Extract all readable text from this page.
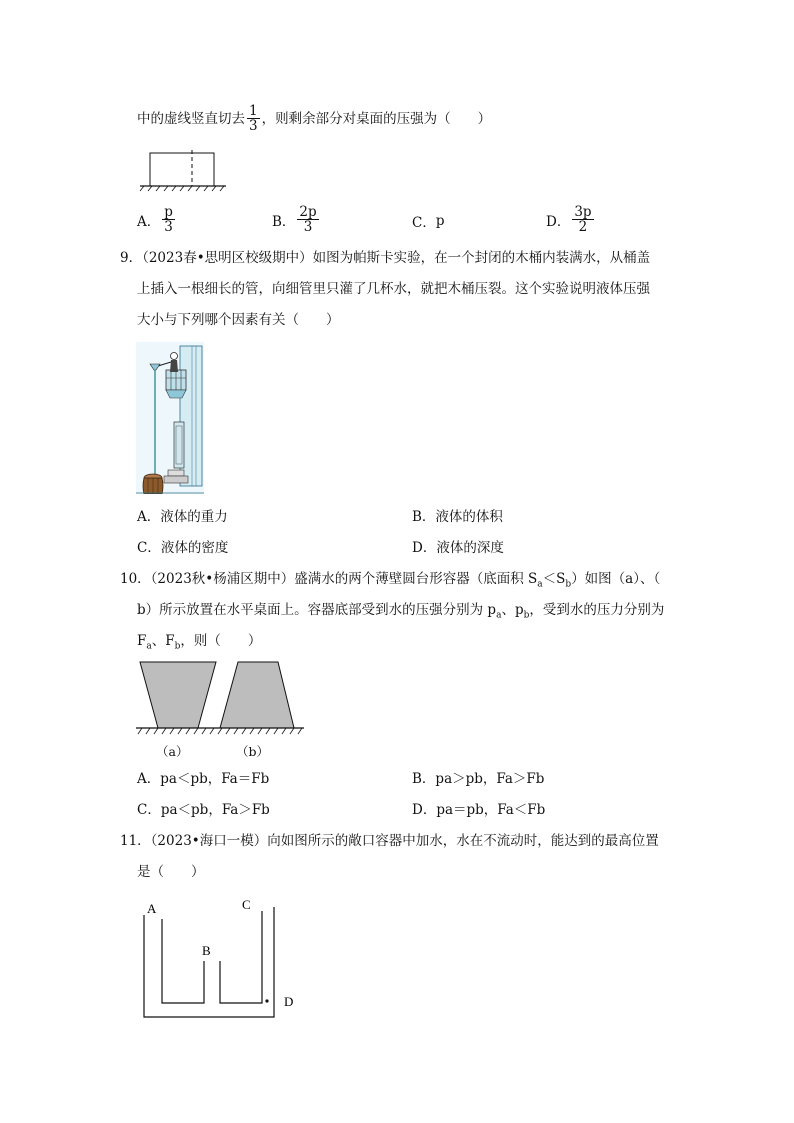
中的虚线竖直切去 $\frac{1}{3}$ ，则剩余部分对桌面的压强为（　　）
A． $\frac{p}{3}$	B． $\frac{2p}{3}$	C． p	D． $\frac{3p}{2}$
9．（2023春•思明区校级期中）如图为帕斯卡实验，在一个封闭的木桶内装满水，从桶盖
上插入一根细长的管，向细管里只灌了几杯水，就把木桶压裂。这个实验说明液体压强
大小与下列哪个因素有关（　　）
A．液体的重力	B．液体的体积
C．液体的密度	D．液体的深度
10．（2023秋•杨浦区期中）盛满水的两个薄壁圆台形容器（底面积 $S_a<S_b$）如图（a）、（
b）所示放置在水平桌面上。容器底部受到水的压强分别为 $p_a$、$p_b$，受到水的压力分别为
$F_a$、$F_b$，则（　　）
（a）	（b）
A．pa＜pb，Fa＝Fb	B．pa＞pb，Fa＞Fb
C．pa＜pb，Fa＞Fb	D．pa＝pb，Fa＜Fb
11．（2023•海口一模）向如图所示的敞口容器中加水，水在不流动时，能达到的最高位置
是（　　）
A
B
C
D
